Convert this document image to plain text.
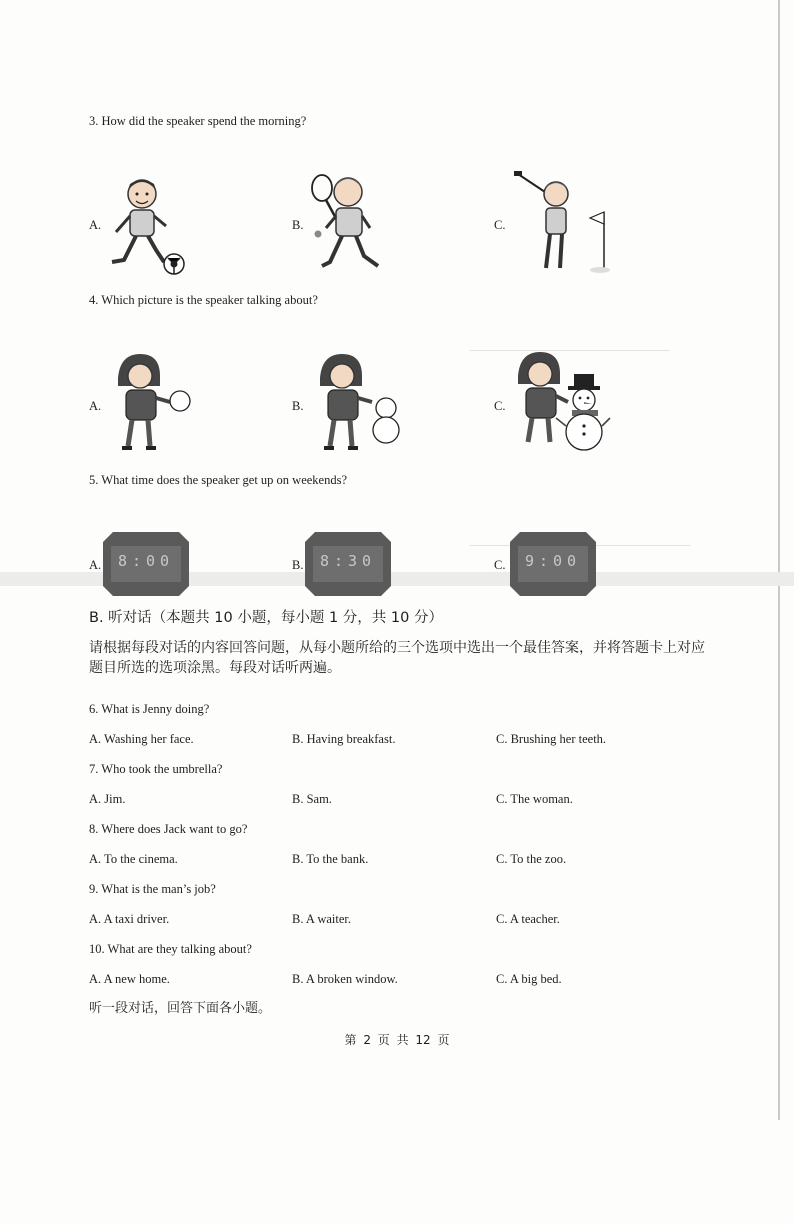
3. How did the speaker spend the morning?
A.	B.	C.
4. Which picture is the speaker talking about?
A.	B.	C.
5. What time does the speaker get up on weekends?
A.	B.	C.
8:00	8:30	9:00
B. 听对话（本题共 10 小题，每小题 1 分，共 10 分）
请根据每段对话的内容回答问题，从每小题所给的三个选项中选出一个最佳答案，并将答题卡上对应题目所选的选项涂黑。每段对话听两遍。
6. What is Jenny doing?
A. Washing her face.	B. Having breakfast.	C. Brushing her teeth.
7. Who took the umbrella?
A. Jim.	B. Sam.	C. The woman.
8. Where does Jack want to go?
A. To the cinema.	B. To the bank.	C. To the zoo.
9. What is the man’s job?
A. A taxi driver.	B. A waiter.	C. A teacher.
10. What are they talking about?
A. A new home.	B. A broken window.	C. A big bed.
听一段对话，回答下面各小题。
第 2 页 共 12 页
